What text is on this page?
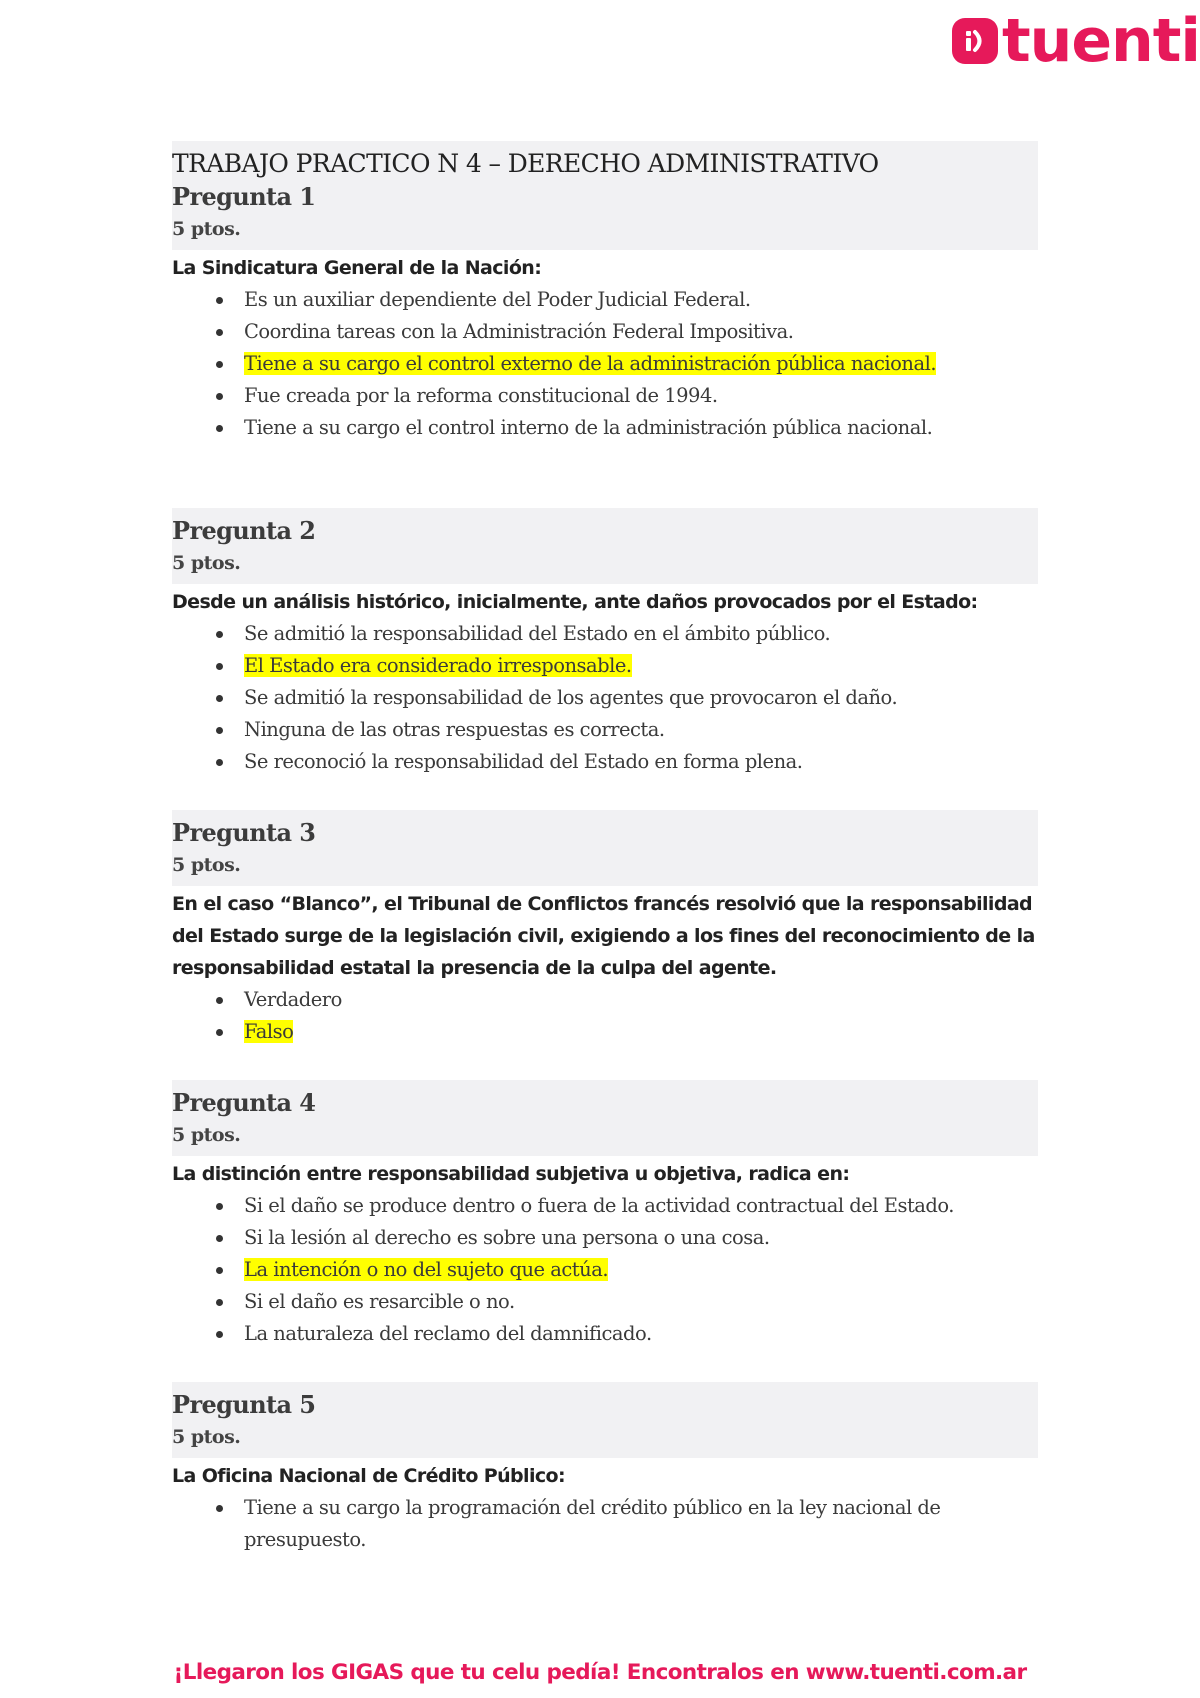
tuenti
TRABAJO PRACTICO N 4 – DERECHO ADMINISTRATIVO
Pregunta 1
5 ptos.
La Sindicatura General de la Nación:
Es un auxiliar dependiente del Poder Judicial Federal.
Coordina tareas con la Administración Federal Impositiva.
Tiene a su cargo el control externo de la administración pública nacional.
Fue creada por la reforma constitucional de 1994.
Tiene a su cargo el control interno de la administración pública nacional.
Pregunta 2
5 ptos.
Desde un análisis histórico, inicialmente, ante daños provocados por el Estado:
Se admitió la responsabilidad del Estado en el ámbito público.
El Estado era considerado irresponsable.
Se admitió la responsabilidad de los agentes que provocaron el daño.
Ninguna de las otras respuestas es correcta.
Se reconoció la responsabilidad del Estado en forma plena.
Pregunta 3
5 ptos.
En el caso “Blanco”, el Tribunal de Conflictos francés resolvió que la responsabilidad del Estado surge de la legislación civil, exigiendo a los fines del reconocimiento de la responsabilidad estatal la presencia de la culpa del agente.
Verdadero
Falso
Pregunta 4
5 ptos.
La distinción entre responsabilidad subjetiva u objetiva, radica en:
Si el daño se produce dentro o fuera de la actividad contractual del Estado.
Si la lesión al derecho es sobre una persona o una cosa.
La intención o no del sujeto que actúa.
Si el daño es resarcible o no.
La naturaleza del reclamo del damnificado.
Pregunta 5
5 ptos.
La Oficina Nacional de Crédito Público:
Tiene a su cargo la programación del crédito público en la ley nacional de presupuesto.
¡Llegaron los GIGAS que tu celu pedía! Encontralos en www.tuenti.com.ar
